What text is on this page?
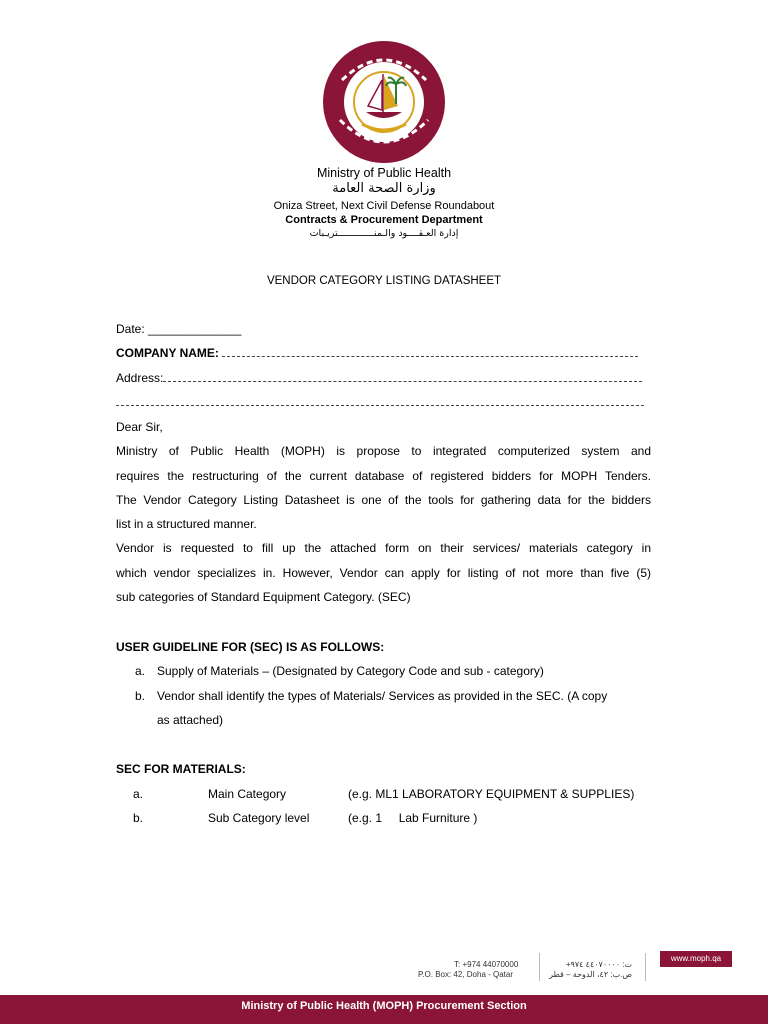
Ministry of Public Health
وزارة الصحة العامة
Oniza Street, Next Civil Defense Roundabout
Contracts & Procurement Department
إدارة العـقــــود والـمنـــــــــــــتريـبات
VENDOR CATEGORY LISTING DATASHEET
Date: ______________
COMPANY NAME:
Address:

Dear Sir,

Ministry of Public Health (MOPH) is propose to integrated computerized system and

requires the restructuring of the current database of registered bidders for MOPH Tenders.

The Vendor Category Listing Datasheet is one of the tools for gathering data for the bidders

list in a structured manner.

Vendor is requested to fill up the attached form on their services/ materials category in

which vendor specializes in. However, Vendor can apply for listing of not more than five (5)

sub categories of Standard Equipment Category. (SEC)

USER GUIDELINE FOR (SEC) IS AS FOLLOWS:
a. Supply of Materials – (Designated by Category Code and sub - category)
b. Vendor shall identify the types of Materials/ Services as provided in the SEC. (A copy
as attached)
SEC FOR MATERIALS:
a.	Main Category	(e.g. ML1 LABORATORY EQUIPMENT & SUPPLIES)
b.	Sub Category level	(e.g. 1     Lab Furniture )
T: +974 44070000
P.O. Box: 42, Doha - Qatar
ت: ٤٤٠٧٠٠٠٠ ٩٧٤+
ص.ب: ٤٢، الدوحة – قطر
www.moph.qa
Ministry of Public Health (MOPH) Procurement Section
